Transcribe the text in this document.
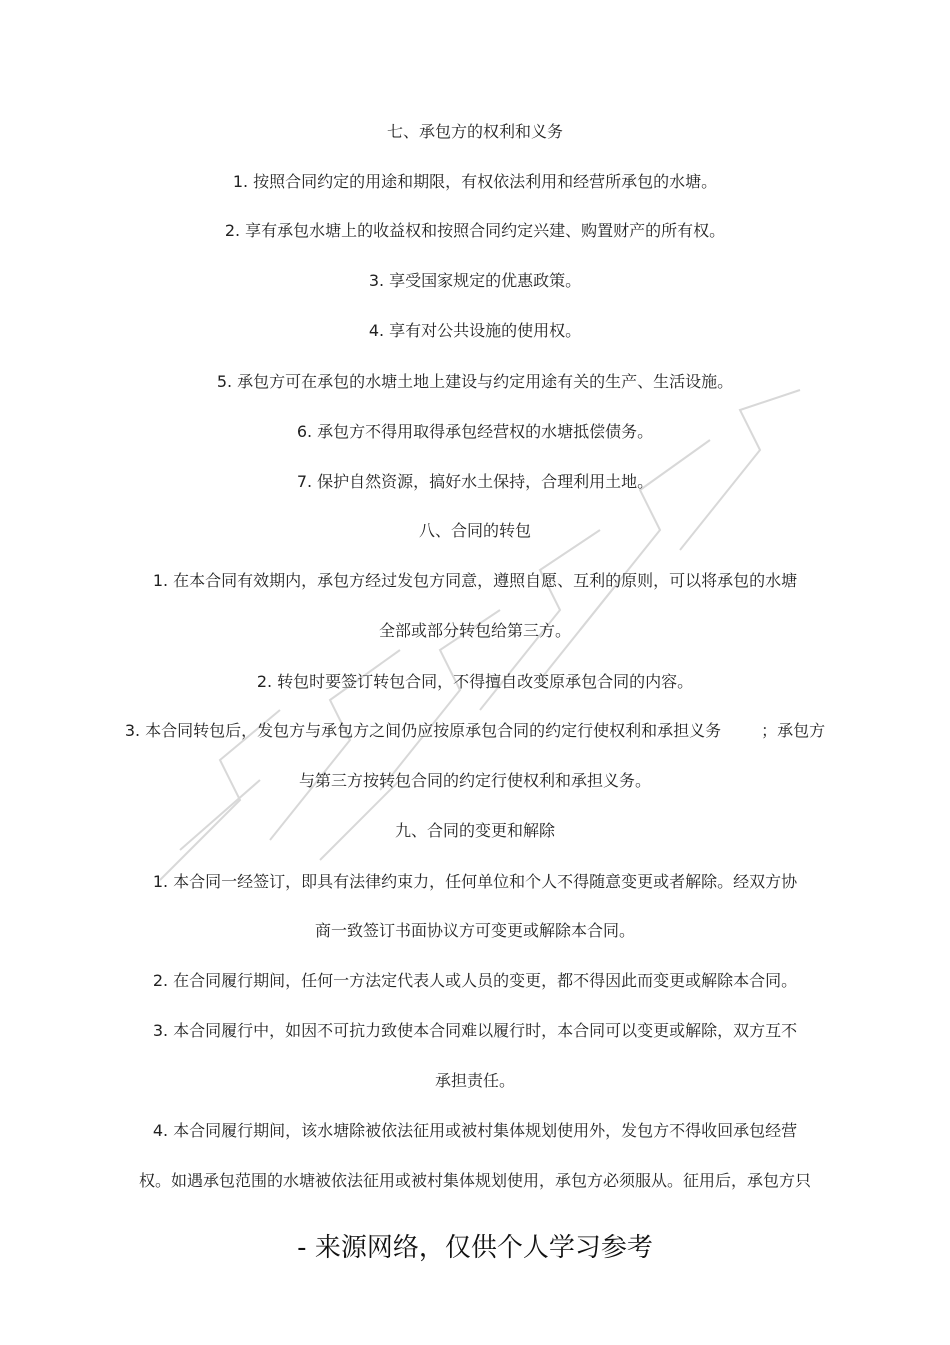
七、承包方的权利和义务
1. 按照合同约定的用途和期限，有权依法利用和经营所承包的水塘。
2. 享有承包水塘上的收益权和按照合同约定兴建、购置财产的所有权。
3. 享受国家规定的优惠政策。
4. 享有对公共设施的使用权。
5. 承包方可在承包的水塘土地上建设与约定用途有关的生产、生活设施。
6. 承包方不得用取得承包经营权的水塘抵偿债务。
7. 保护自然资源，搞好水土保持，合理利用土地。
八、合同的转包
1. 在本合同有效期内，承包方经过发包方同意，遵照自愿、互利的原则，可以将承包的水塘
全部或部分转包给第三方。
2. 转包时要签订转包合同，不得擅自改变原承包合同的内容。
3. 本合同转包后，发包方与承包方之间仍应按原承包合同的约定行使权利和承担义务	；承包方
与第三方按转包合同的约定行使权利和承担义务。
九、合同的变更和解除
1. 本合同一经签订，即具有法律约束力，任何单位和个人不得随意变更或者解除。经双方协
商一致签订书面协议方可变更或解除本合同。
2. 在合同履行期间，任何一方法定代表人或人员的变更，都不得因此而变更或解除本合同。
3. 本合同履行中，如因不可抗力致使本合同难以履行时，本合同可以变更或解除，双方互不
承担责任。
4. 本合同履行期间，该水塘除被依法征用或被村集体规划使用外，发包方不得收回承包经营
权。如遇承包范围的水塘被依法征用或被村集体规划使用，承包方必须服从。征用后，承包方只
- 来源网络，仅供个人学习参考
